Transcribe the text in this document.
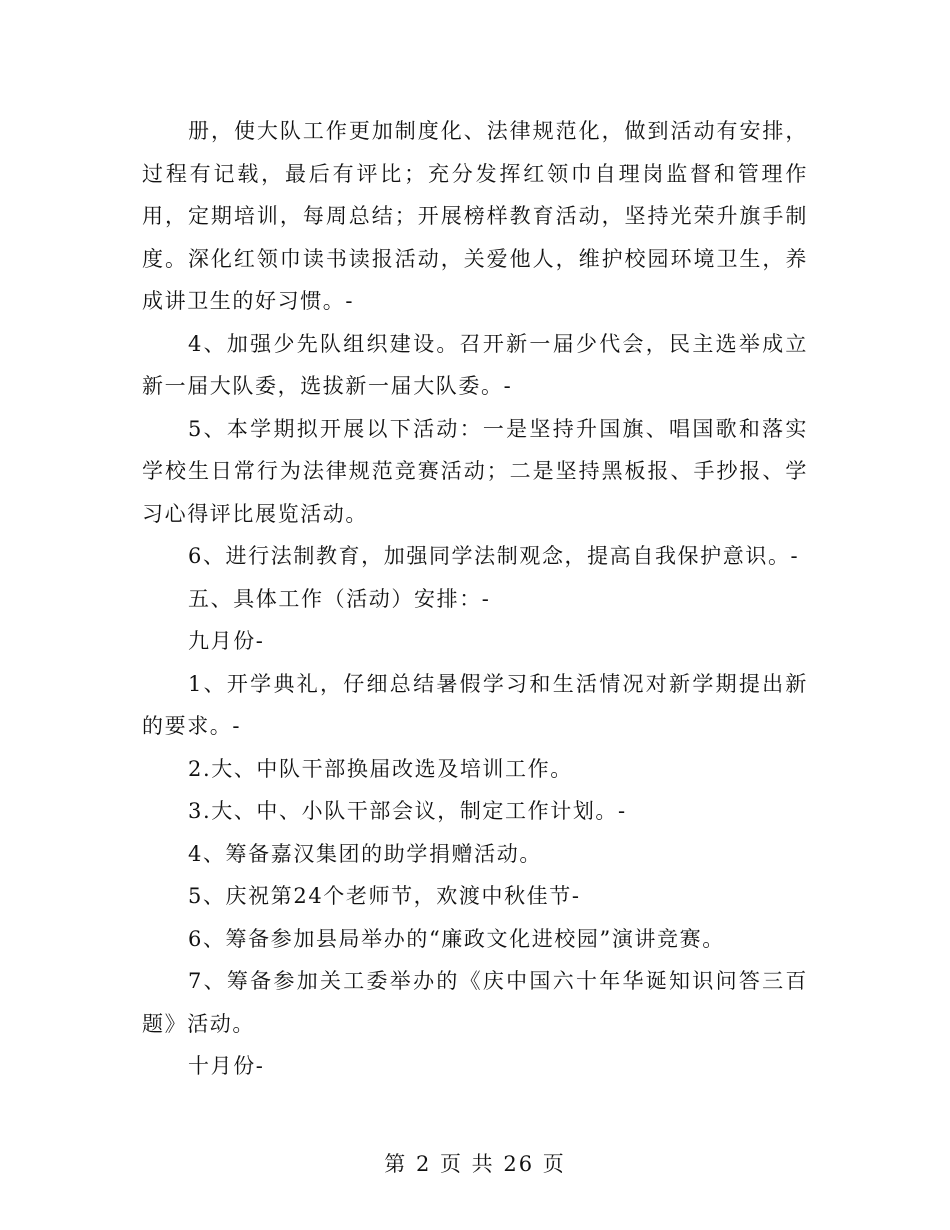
册，使大队工作更加制度化、法律规范化，做到活动有安排，过程有记载，最后有评比；充分发挥红领巾自理岗监督和管理作用，定期培训，每周总结；开展榜样教育活动，坚持光荣升旗手制度。深化红领巾读书读报活动，关爱他人，维护校园环境卫生，养成讲卫生的好习惯。-

4、加强少先队组织建设。召开新一届少代会，民主选举成立新一届大队委，选拔新一届大队委。-

5、本学期拟开展以下活动：一是坚持升国旗、唱国歌和落实学校生日常行为法律规范竞赛活动；二是坚持黑板报、手抄报、学习心得评比展览活动。

6、进行法制教育，加强同学法制观念，提高自我保护意识。-

五、具体工作（活动）安排：-

九月份-

1、开学典礼，仔细总结暑假学习和生活情况对新学期提出新的要求。-

2.大、中队干部换届改选及培训工作。

3.大、中、小队干部会议，制定工作计划。-

4、筹备嘉汉集团的助学捐赠活动。

5、庆祝第24个老师节，欢渡中秋佳节-

6、筹备参加县局举办的“廉政文化进校园”演讲竞赛。

7、筹备参加关工委举办的《庆中国六十年华诞知识问答三百题》活动。

十月份-

第 2 页 共 26 页
